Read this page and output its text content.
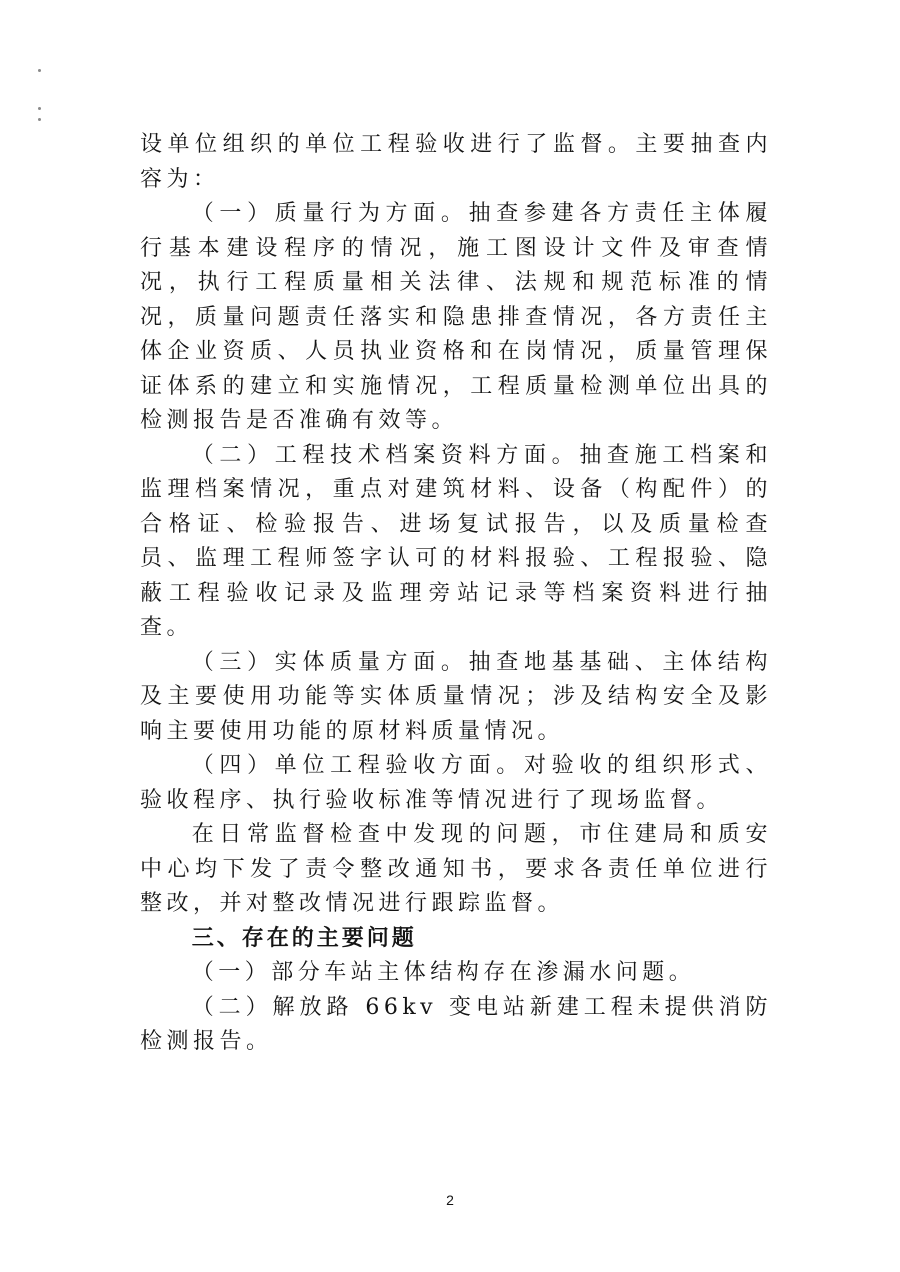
设单位组织的单位工程验收进行了监督。主要抽查内容为：

（一）质量行为方面。抽查参建各方责任主体履行基本建设程序的情况，施工图设计文件及审查情况，执行工程质量相关法律、法规和规范标准的情况，质量问题责任落实和隐患排查情况，各方责任主体企业资质、人员执业资格和在岗情况，质量管理保证体系的建立和实施情况，工程质量检测单位出具的检测报告是否准确有效等。

（二）工程技术档案资料方面。抽查施工档案和监理档案情况，重点对建筑材料、设备（构配件）的合格证、检验报告、进场复试报告，以及质量检查员、监理工程师签字认可的材料报验、工程报验、隐蔽工程验收记录及监理旁站记录等档案资料进行抽查。

（三）实体质量方面。抽查地基基础、主体结构及主要使用功能等实体质量情况；涉及结构安全及影响主要使用功能的原材料质量情况。

（四）单位工程验收方面。对验收的组织形式、验收程序、执行验收标准等情况进行了现场监督。

在日常监督检查中发现的问题，市住建局和质安中心均下发了责令整改通知书，要求各责任单位进行整改，并对整改情况进行跟踪监督。

三、存在的主要问题

（一）部分车站主体结构存在渗漏水问题。

（二）解放路 66kv 变电站新建工程未提供消防检测报告。

2
